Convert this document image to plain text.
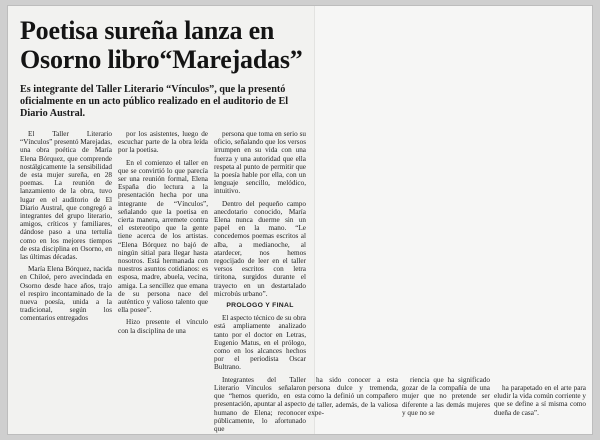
Poetisa sureña lanza en Osorno libro“Marejadas”
Es integrante del Taller Literario “Vínculos”, que la presentó oficialmente en un acto público realizado en el auditorio de El Diario Austral.

El Taller Literario “Vínculos” presentó Marejadas, una obra poética de María Elena Bórquez, que comprende nostálgicamente la sensibilidad de esta mujer sureña, en 28 poemas. La reunión de lanzamiento de la obra, tuvo lugar en el auditorio de El Diario Austral, que congregó a integrantes del grupo literario, amigos, críticos y familiares, dándose paso a una tertulia como en los mejores tiempos de esta disciplina en Osorno, en las últimas décadas.

María Elena Bórquez, nacida en Chiloé, pero avecindada en Osorno desde hace años, trajo el respiro incontaminado de la nueva poesía, unida a la tradicional, según los comentarios entregados

por los asistentes, luego de escuchar parte de la obra leída por la poetisa.

En el comienzo el taller en que se convirtió lo que parecía ser una reunión formal, Elena España dio lectura a la presentación hecha por una integrante de “Vínculos”, señalando que la poetisa en cierta manera, arremete contra el estereotipo que la gente tiene acerca de los artistas. “Elena Bórquez no bajó de ningún sitial para llegar hasta nosotros. Está hermanada con nuestros asuntos cotidianos: es esposa, madre, abuela, vecina, amiga. La sencillez que emana de su persona nace del auténtico y valioso talento que ella posee”.

Hizo presente el vínculo con la disciplina de una

persona que toma en serio su oficio, señalando que los versos irrumpen en su vida con una fuerza y una autoridad que ella respeta al punto de permitir que la poesía hable por ella, con un lenguaje sencillo, melódico, intuitivo.

Dentro del pequeño campo anecdotario conocido, María Elena nunca duerme sin un papel en la mano. “Le concedemos poemas escritos al alba, a medianoche, al atardecer, nos hemos regocijado de leer en el taller versos escritos con letra tiritona, surgidos durante el trayecto en un destartalado microbús urbano”.

PROLOGO Y FINAL

El aspecto técnico de su obra está ampliamente analizado tanto por el doctor en Letras, Eugenio Matus, en el prólogo, como en los alcances hechos por el periodista Oscar Bultrano.

Integrantes del Taller Literario Vínculos señalaron que “hemos querido, en esta presentación, apuntar al aspecto humano de Elena; reconocer públicamente, lo afortunado que

ha sido conocer a esta persona dulce y tremenda, como la definió un compañero de taller, además, de la valiosa expe-

riencia que ha significado gozar de la compañía de una mujer que no pretende ser diferente a las demás mujeres y que no se

ha parapetado en el arte para eludir la vida común corriente y que se define a sí misma como dueña de casa”.
